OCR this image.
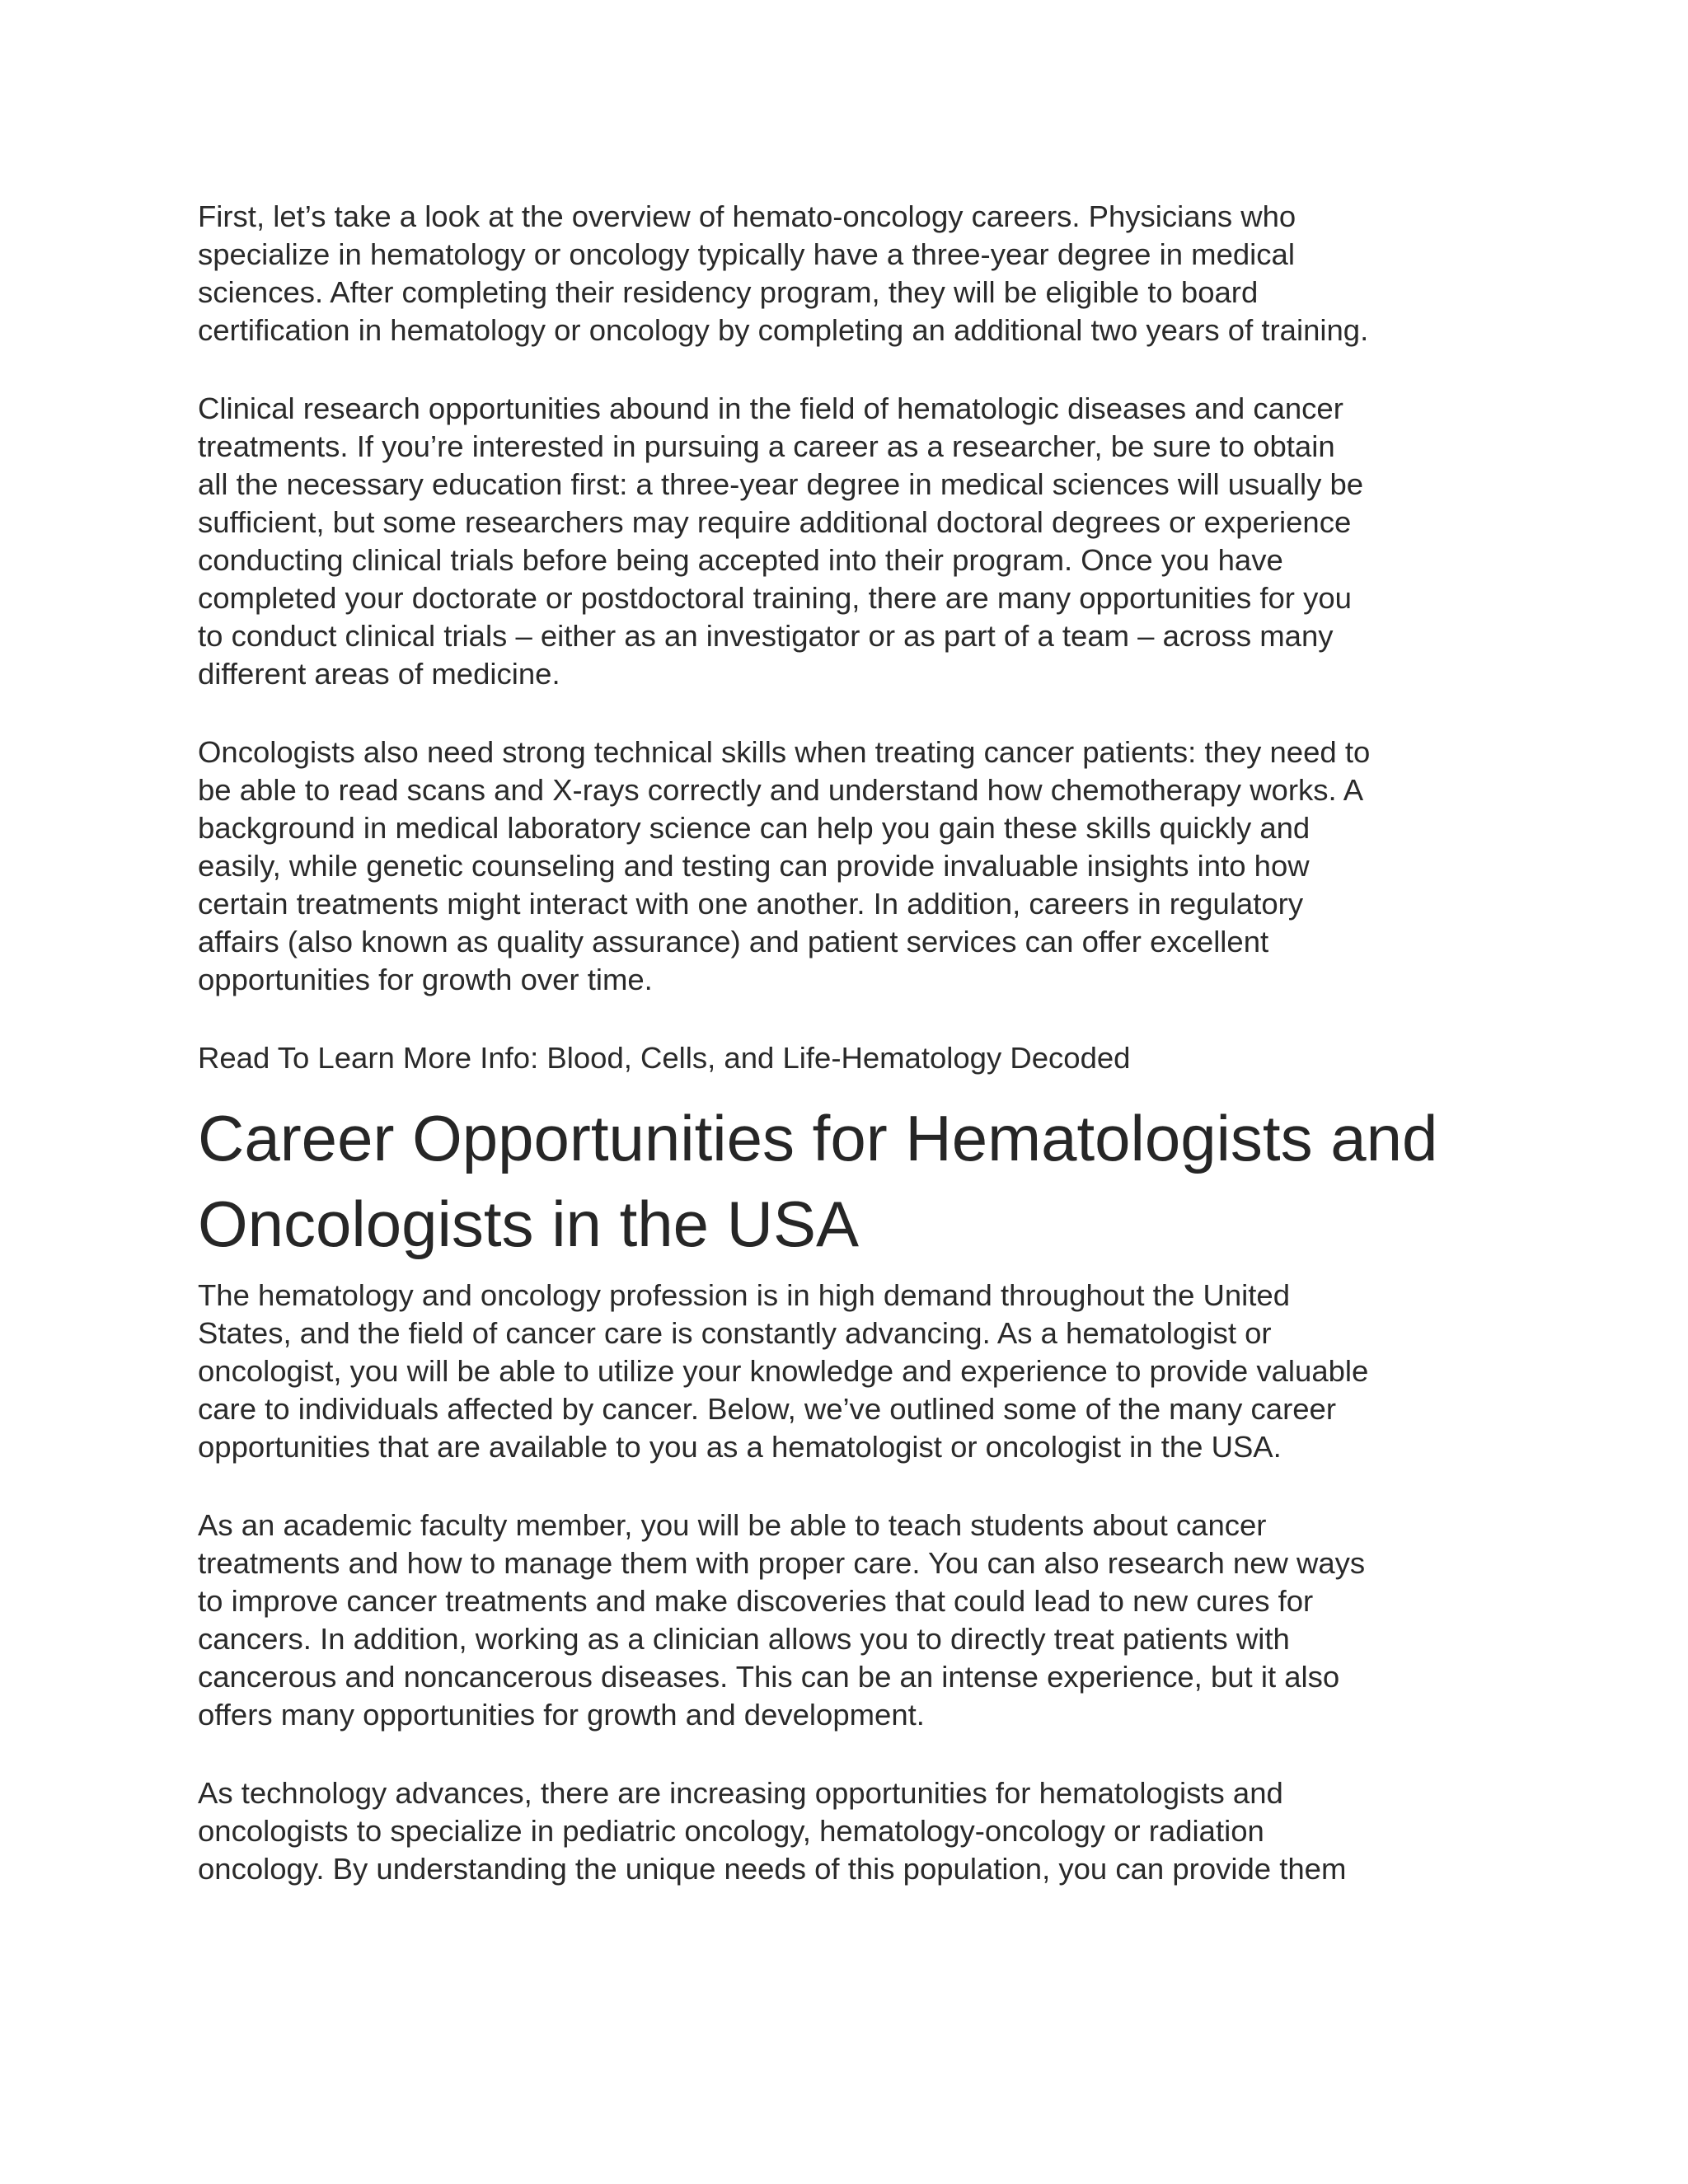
First, let’s take a look at the overview of hemato-oncology careers. Physicians who
specialize in hematology or oncology typically have a three-year degree in medical
sciences. After completing their residency program, they will be eligible to board
certification in hematology or oncology by completing an additional two years of training.

Clinical research opportunities abound in the field of hematologic diseases and cancer
treatments. If you’re interested in pursuing a career as a researcher, be sure to obtain
all the necessary education first: a three-year degree in medical sciences will usually be
sufficient, but some researchers may require additional doctoral degrees or experience
conducting clinical trials before being accepted into their program. Once you have
completed your doctorate or postdoctoral training, there are many opportunities for you
to conduct clinical trials – either as an investigator or as part of a team – across many
different areas of medicine.

Oncologists also need strong technical skills when treating cancer patients: they need to
be able to read scans and X-rays correctly and understand how chemotherapy works. A
background in medical laboratory science can help you gain these skills quickly and
easily, while genetic counseling and testing can provide invaluable insights into how
certain treatments might interact with one another. In addition, careers in regulatory
affairs (also known as quality assurance) and patient services can offer excellent
opportunities for growth over time.

Read To Learn More Info: Blood, Cells, and Life-Hematology Decoded

Career Opportunities for Hematologists and
Oncologists in the USA

The hematology and oncology profession is in high demand throughout the United
States, and the field of cancer care is constantly advancing. As a hematologist or
oncologist, you will be able to utilize your knowledge and experience to provide valuable
care to individuals affected by cancer. Below, we’ve outlined some of the many career
opportunities that are available to you as a hematologist or oncologist in the USA.

As an academic faculty member, you will be able to teach students about cancer
treatments and how to manage them with proper care. You can also research new ways
to improve cancer treatments and make discoveries that could lead to new cures for
cancers. In addition, working as a clinician allows you to directly treat patients with
cancerous and noncancerous diseases. This can be an intense experience, but it also
offers many opportunities for growth and development.

As technology advances, there are increasing opportunities for hematologists and
oncologists to specialize in pediatric oncology, hematology-oncology or radiation
oncology. By understanding the unique needs of this population, you can provide them
